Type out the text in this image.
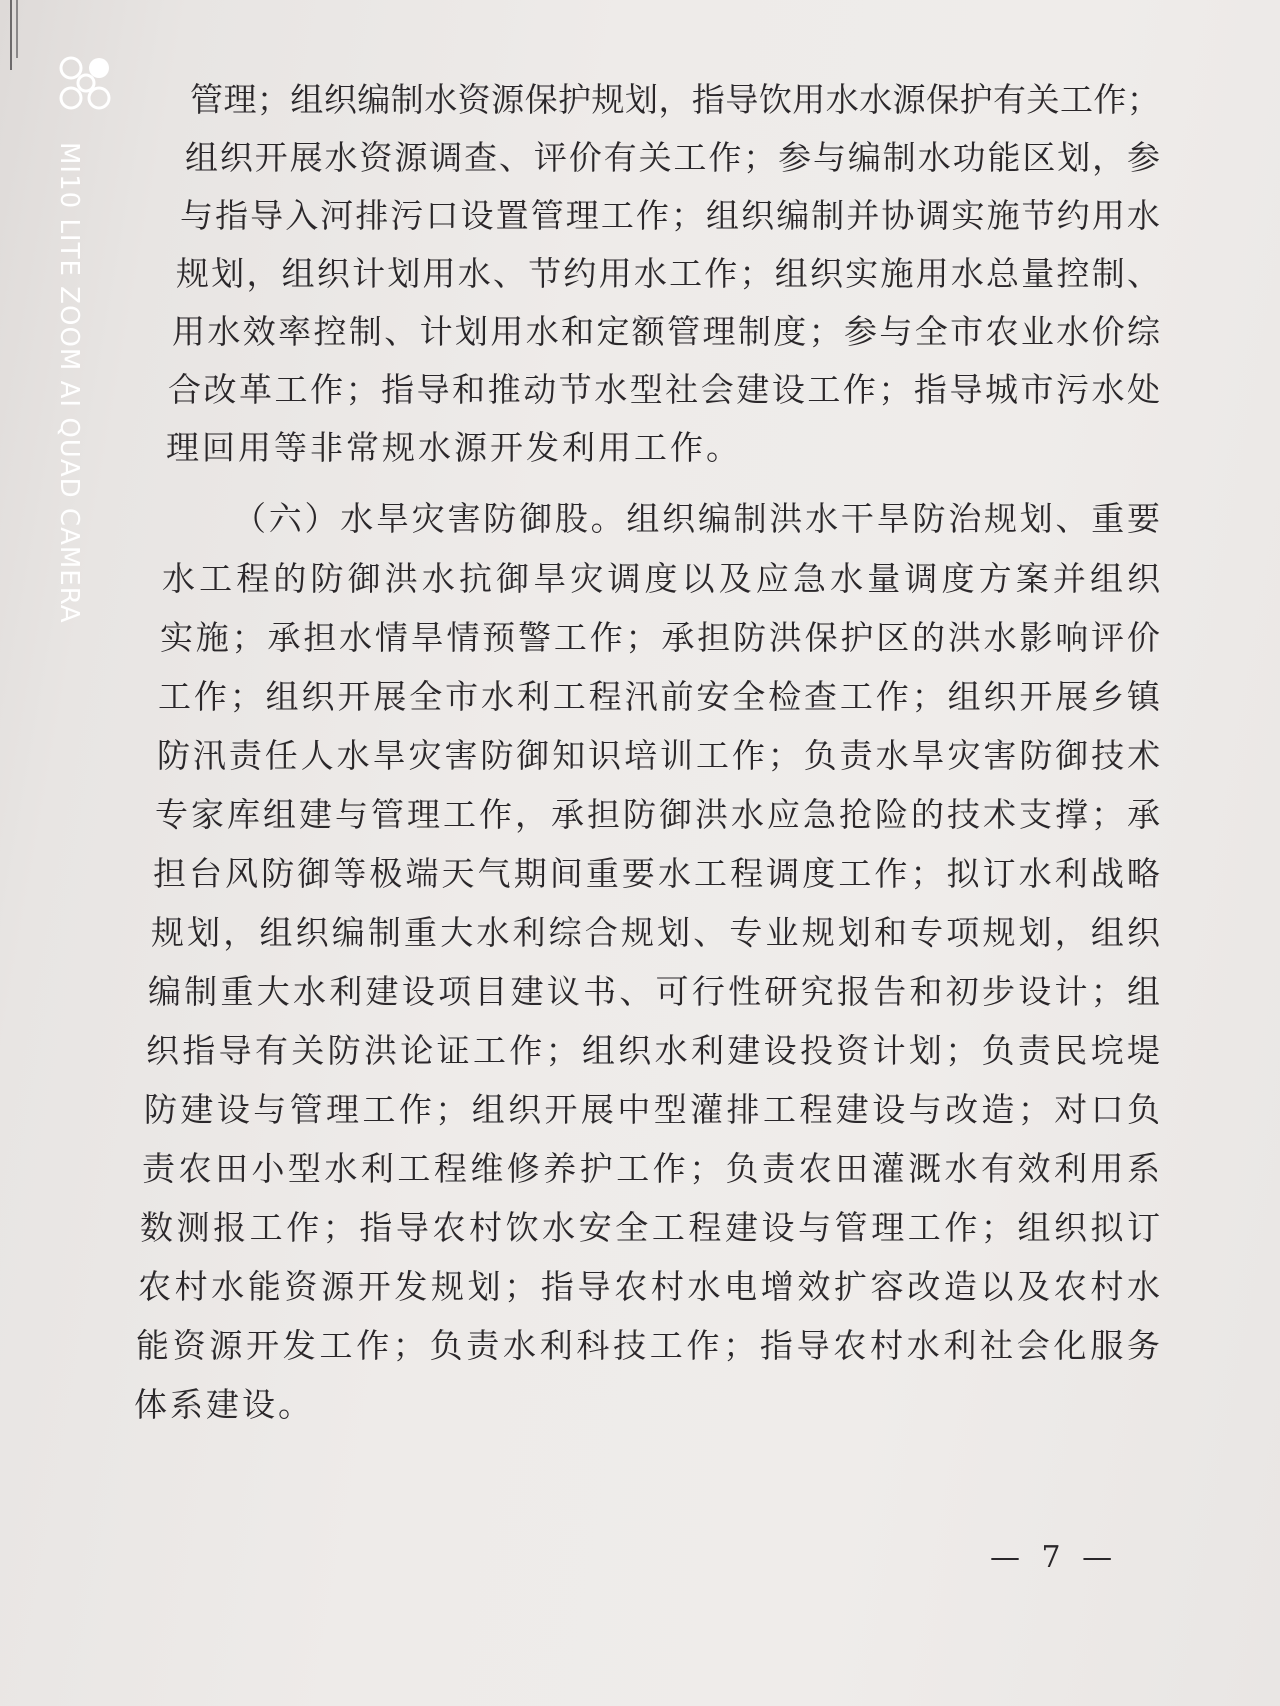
MI10 LITE ZOOM AI QUAD CAMERA
管理；组织编制水资源保护规划，指导饮用水水源保护有关工作；
组织开展水资源调查、评价有关工作；参与编制水功能区划，参
与指导入河排污口设置管理工作；组织编制并协调实施节约用水
规划，组织计划用水、节约用水工作；组织实施用水总量控制、
用水效率控制、计划用水和定额管理制度；参与全市农业水价综
合改革工作；指导和推动节水型社会建设工作；指导城市污水处
理回用等非常规水源开发利用工作。
（六）水旱灾害防御股。组织编制洪水干旱防治规划、重要
水工程的防御洪水抗御旱灾调度以及应急水量调度方案并组织
实施；承担水情旱情预警工作；承担防洪保护区的洪水影响评价
工作；组织开展全市水利工程汛前安全检查工作；组织开展乡镇
防汛责任人水旱灾害防御知识培训工作；负责水旱灾害防御技术
专家库组建与管理工作，承担防御洪水应急抢险的技术支撑；承
担台风防御等极端天气期间重要水工程调度工作；拟订水利战略
规划，组织编制重大水利综合规划、专业规划和专项规划，组织
编制重大水利建设项目建议书、可行性研究报告和初步设计；组
织指导有关防洪论证工作；组织水利建设投资计划；负责民垸堤
防建设与管理工作；组织开展中型灌排工程建设与改造；对口负
责农田小型水利工程维修养护工作；负责农田灌溉水有效利用系
数测报工作；指导农村饮水安全工程建设与管理工作；组织拟订
农村水能资源开发规划；指导农村水电增效扩容改造以及农村水
能资源开发工作；负责水利科技工作；指导农村水利社会化服务
体系建设。
— 7 —
